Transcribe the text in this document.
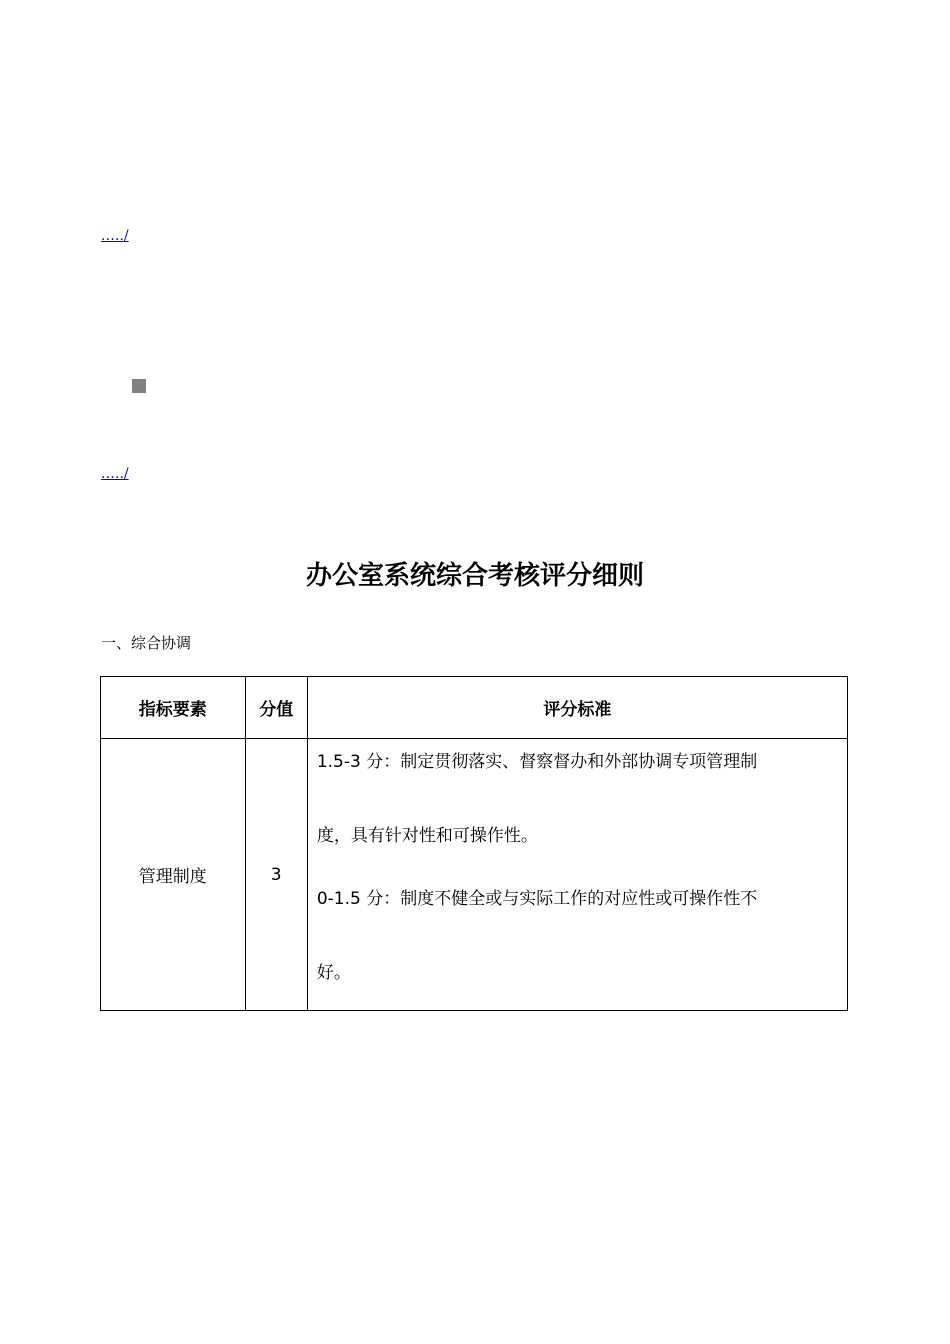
.…./
.…./
办公室系统综合考核评分细则

一、综合协调

指标要素	分值	评分标准
管理制度	3	1.5-3 分：制定贯彻落实、督察督办和外部协调专项管理制

度，具有针对性和可操作性。

0-1.5 分：制度不健全或与实际工作的对应性或可操作性不

好。
